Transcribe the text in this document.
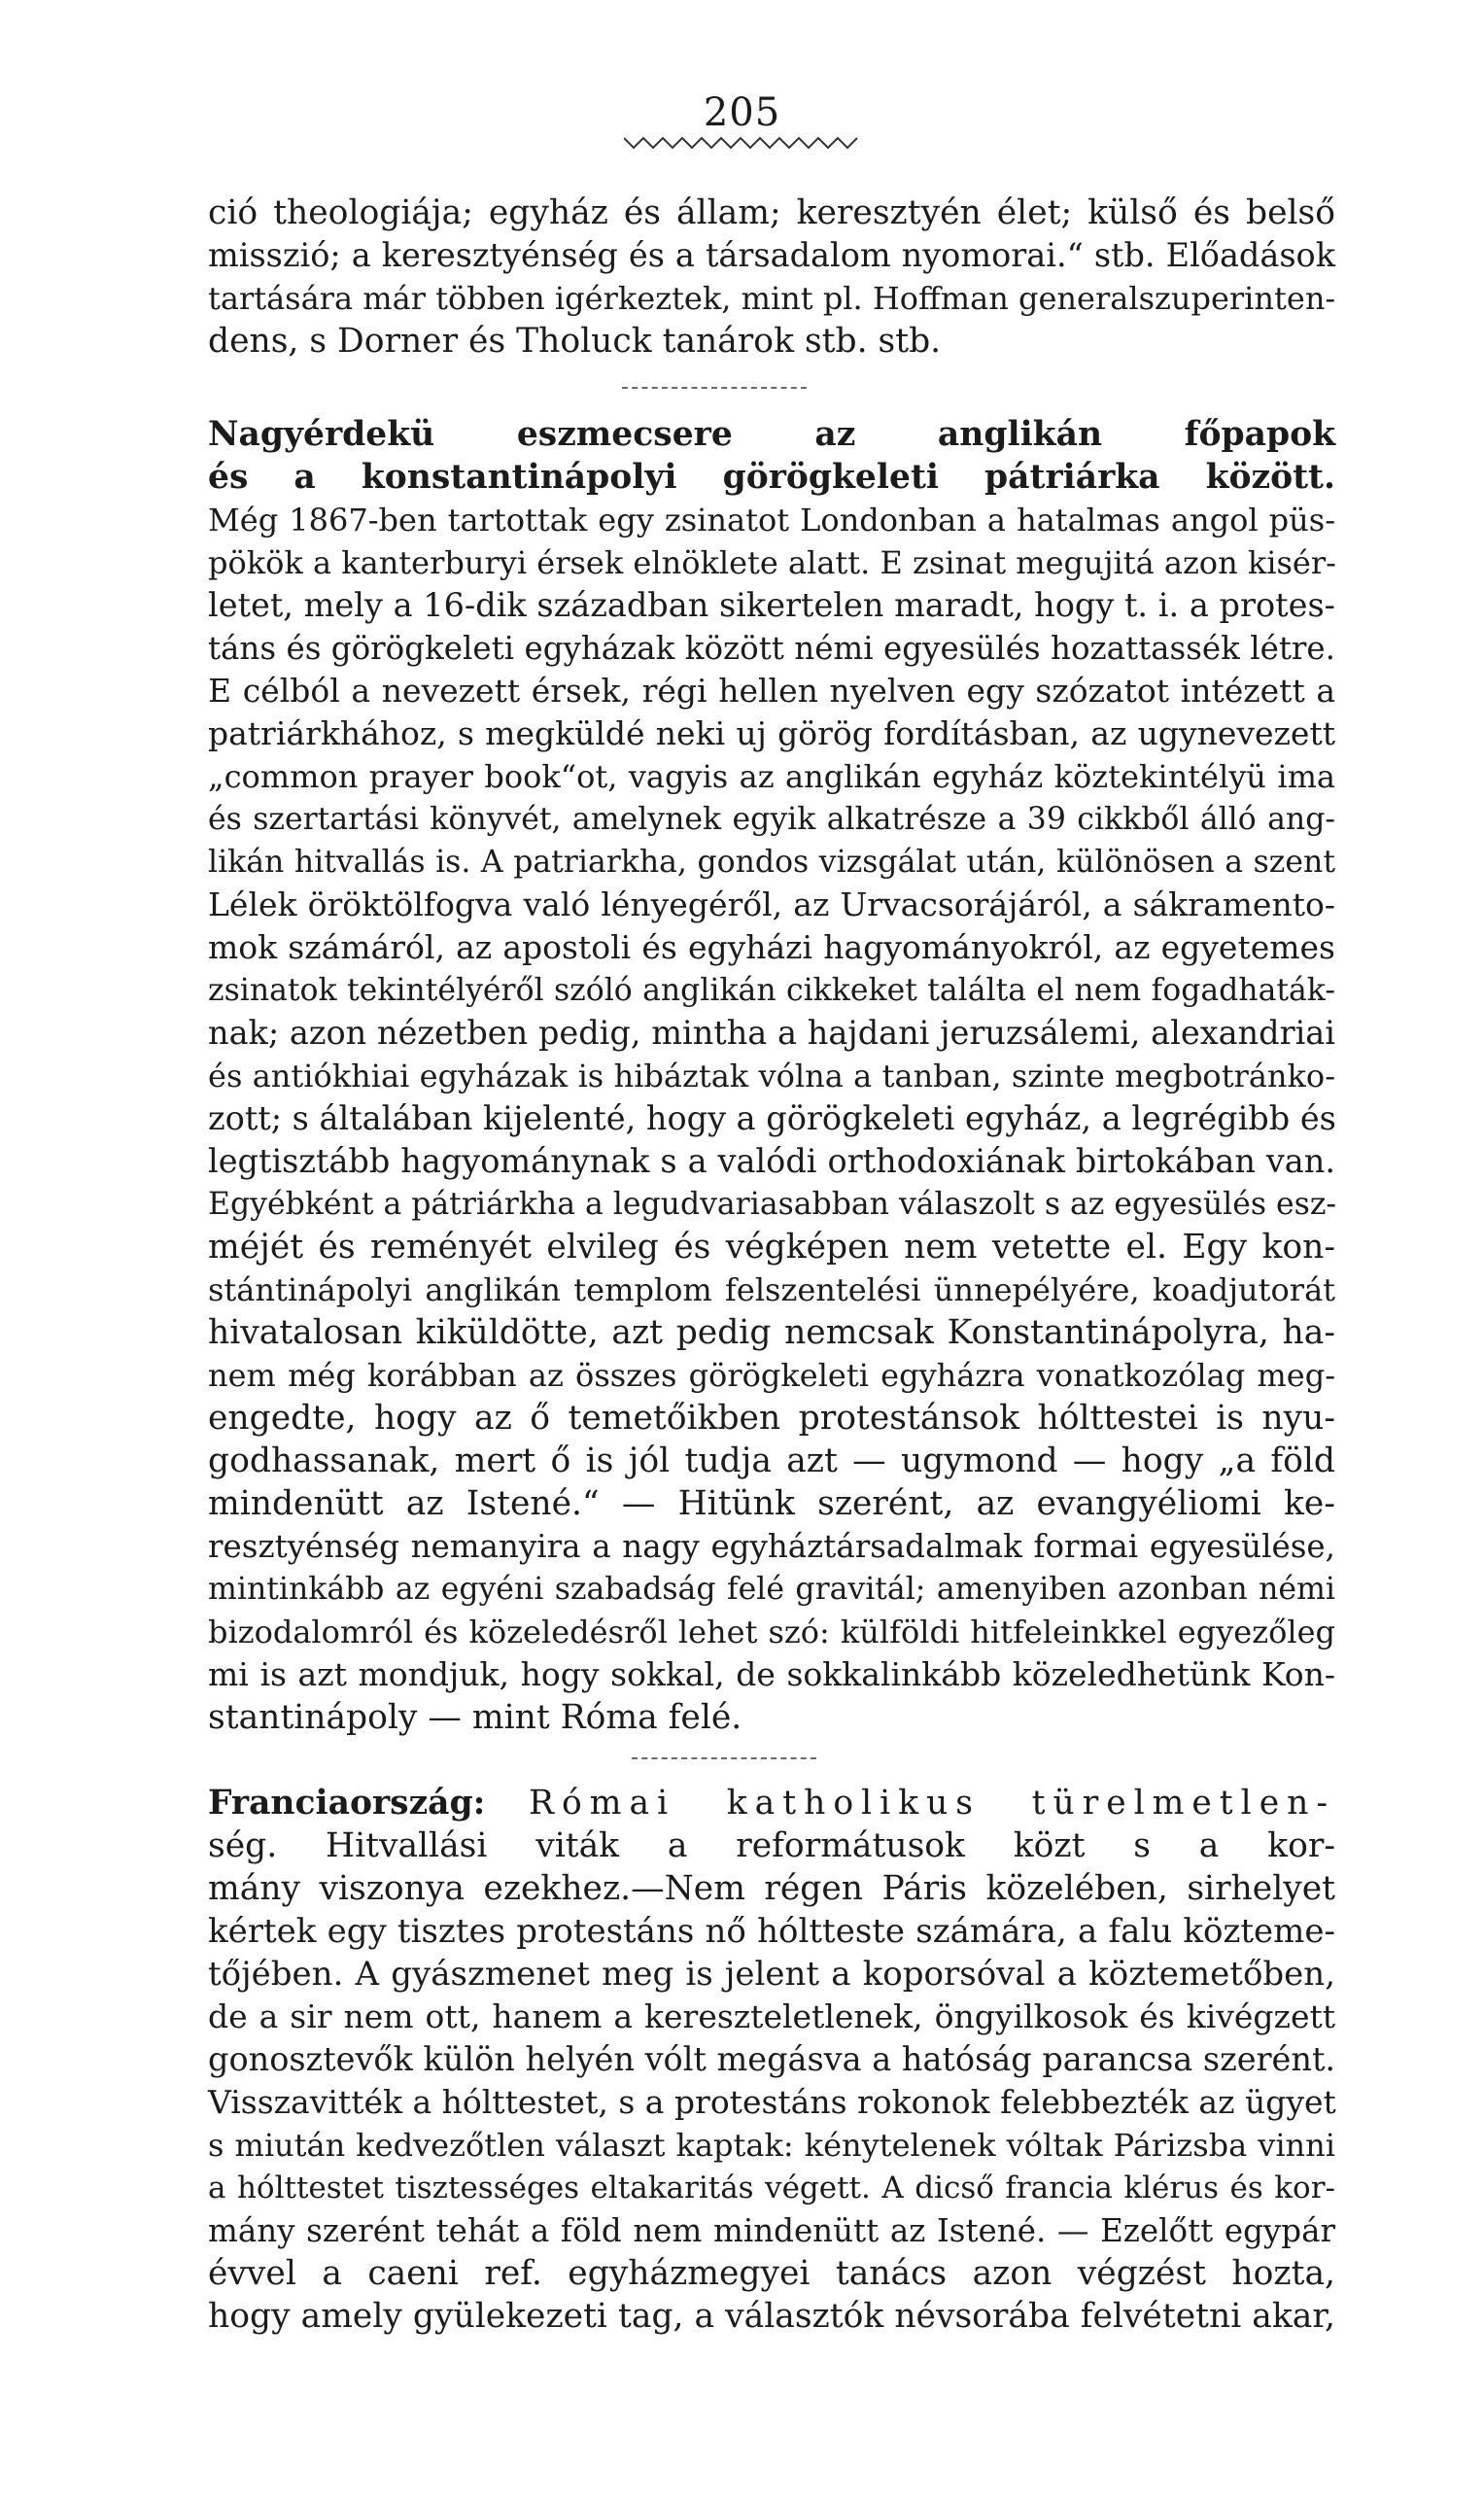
205
ció theologiája; egyház és állam; keresztyén élet; külső és belső
misszió; a keresztyénség és a társadalom nyomorai.“ stb. Előadások
tartására már többen igérkeztek, mint pl. Hoffman generalszuperinten-
dens, s Dorner és Tholuck tanárok stb. stb.
Nagyérdekü eszmecsere az anglikán főpapok
és a konstantinápolyi görögkeleti pátriárka között.
Még 1867-ben tartottak egy zsinatot Londonban a hatalmas angol püs-
pökök a kanterburyi érsek elnöklete alatt. E zsinat megujitá azon kisér-
letet, mely a 16-dik században sikertelen maradt, hogy t. i. a protes-
táns és görögkeleti egyházak között némi egyesülés hozattassék létre.
E célból a nevezett érsek, régi hellen nyelven egy szózatot intézett a
patriárkhához, s megküldé neki uj görög fordításban, az ugynevezett
„common prayer book“ot, vagyis az anglikán egyház köztekintélyü ima
és szertartási könyvét, amelynek egyik alkatrésze a 39 cikkből álló ang-
likán hitvallás is. A patriarkha, gondos vizsgálat után, különösen a szent
Lélek öröktölfogva való lényegéről, az Urvacsorájáról, a sákramento-
mok számáról, az apostoli és egyházi hagyományokról, az egyetemes
zsinatok tekintélyéről szóló anglikán cikkeket találta el nem fogadhaták-
nak; azon nézetben pedig, mintha a hajdani jeruzsálemi, alexandriai
és antiókhiai egyházak is hibáztak vólna a tanban, szinte megbotránko-
zott; s általában kijelenté, hogy a görögkeleti egyház, a legrégibb és
legtisztább hagyománynak s a valódi orthodoxiának birtokában van.
Egyébként a pátriárkha a legudvariasabban válaszolt s az egyesülés esz-
méjét és reményét elvileg és végképen nem vetette el. Egy kon-
stántinápolyi anglikán templom felszentelési ünnepélyére, koadjutorát
hivatalosan kiküldötte, azt pedig nemcsak Konstantinápolyra, ha-
nem még korábban az összes görögkeleti egyházra vonatkozólag meg-
engedte, hogy az ő temetőikben protestánsok hólttestei is nyu-
godhassanak, mert ő is jól tudja azt — ugymond — hogy „a föld
mindenütt az Istené.“ — Hitünk szerént, az evangyéliomi ke-
resztyénség nemanyira a nagy egyháztársadalmak formai egyesülése,
mintinkább az egyéni szabadság felé gravitál; amenyiben azonban némi
bizodalomról és közeledésről lehet szó: külföldi hitfeleinkkel egyezőleg
mi is azt mondjuk, hogy sokkal, de sokkalinkább közeledhetünk Kon-
stantinápoly — mint Róma felé.
Franciaország: Római katholikus türelmetlen-
ség. Hitvallási viták a reformátusok közt s a kor-
mány viszonya ezekhez.—Nem régen Páris közelében, sirhelyet
kértek egy tisztes protestáns nő hólttestе számára, a falu köztеme-
tőjében. A gyászmenet meg is jelent a koporsóval a köztemetőben,
de a sir nem ott, hanem a kereszteletlenek, öngyilkosok és kivégzett
gonosztevők külön helyén vólt megásva a hatóság parancsa szerént.
Visszavitték a hólttestet, s a protestáns rokonok felebbezték az ügyet
s miután kedvezőtlen választ kaptak: kénytelenek vóltak Párizsba vinni
a hólttestet tisztességes eltakaritás végett. A dicső francia klérus és kor-
mány szerént tehát a föld nem mindenütt az Istené. — Ezelőtt egypár
évvel a caeni ref. egyházmegyei tanács azon végzést hozta,
hogy amely gyülekezeti tag, a választók névsorába felvétetni akar,
